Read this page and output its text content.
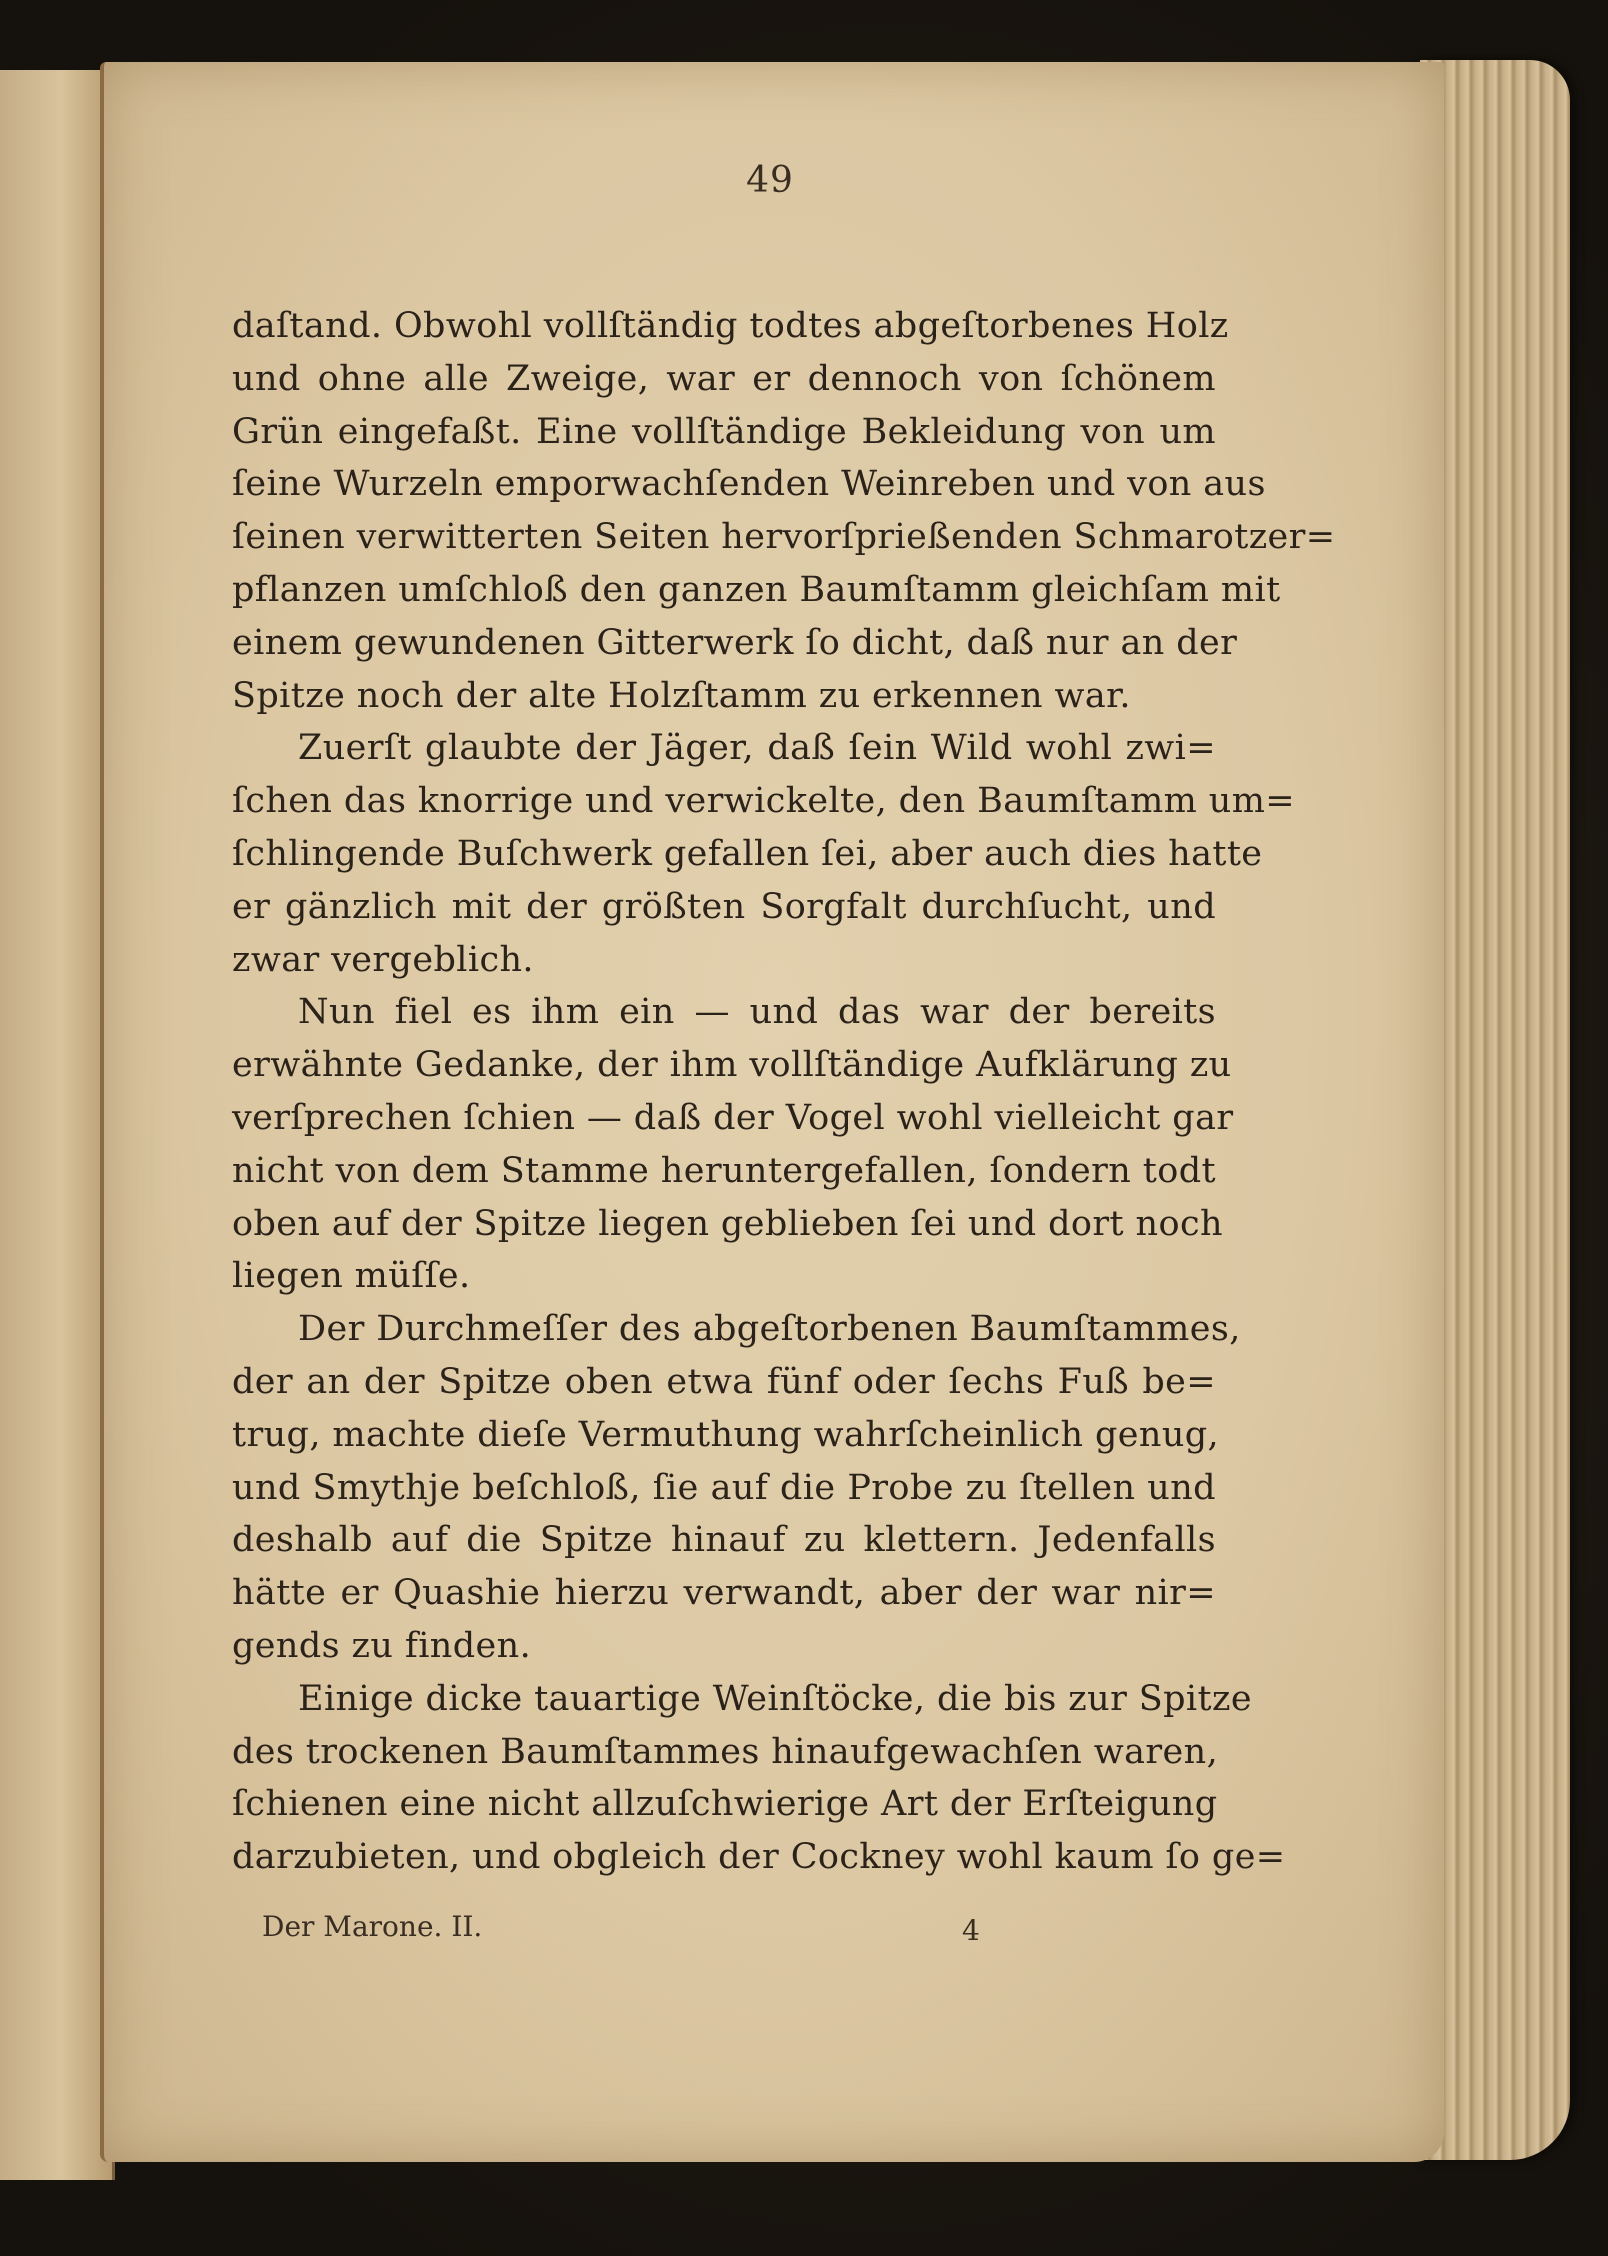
49
daſtand. Obwohl vollſtändig todtes abgeſtorbenes Holz
und ohne alle Zweige, war er dennoch von ſchönem
Grün eingefaßt. Eine vollſtändige Bekleidung von um
ſeine Wurzeln emporwachſenden Weinreben und von aus
ſeinen verwitterten Seiten hervorſprießenden Schmarotzer=
pflanzen umſchloß den ganzen Baumſtamm gleichſam mit
einem gewundenen Gitterwerk ſo dicht, daß nur an der
Spitze noch der alte Holzſtamm zu erkennen war.
Zuerſt glaubte der Jäger, daß ſein Wild wohl zwi=
ſchen das knorrige und verwickelte, den Baumſtamm um=
ſchlingende Buſchwerk gefallen ſei, aber auch dies hatte
er gänzlich mit der größten Sorgfalt durchſucht, und
zwar vergeblich.
Nun fiel es ihm ein — und das war der bereits
erwähnte Gedanke, der ihm vollſtändige Aufklärung zu
verſprechen ſchien — daß der Vogel wohl vielleicht gar
nicht von dem Stamme heruntergefallen, ſondern todt
oben auf der Spitze liegen geblieben ſei und dort noch
liegen müſſe.
Der Durchmeſſer des abgeſtorbenen Baumſtammes,
der an der Spitze oben etwa fünf oder ſechs Fuß be=
trug, machte dieſe Vermuthung wahrſcheinlich genug,
und Smythje beſchloß, ſie auf die Probe zu ſtellen und
deshalb auf die Spitze hinauf zu klettern. Jedenfalls
hätte er Quashie hierzu verwandt, aber der war nir=
gends zu finden.
Einige dicke tauartige Weinſtöcke, die bis zur Spitze
des trockenen Baumſtammes hinaufgewachſen waren,
ſchienen eine nicht allzuſchwierige Art der Erſteigung
darzubieten, und obgleich der Cockney wohl kaum ſo ge=
Der Marone. II.	4
